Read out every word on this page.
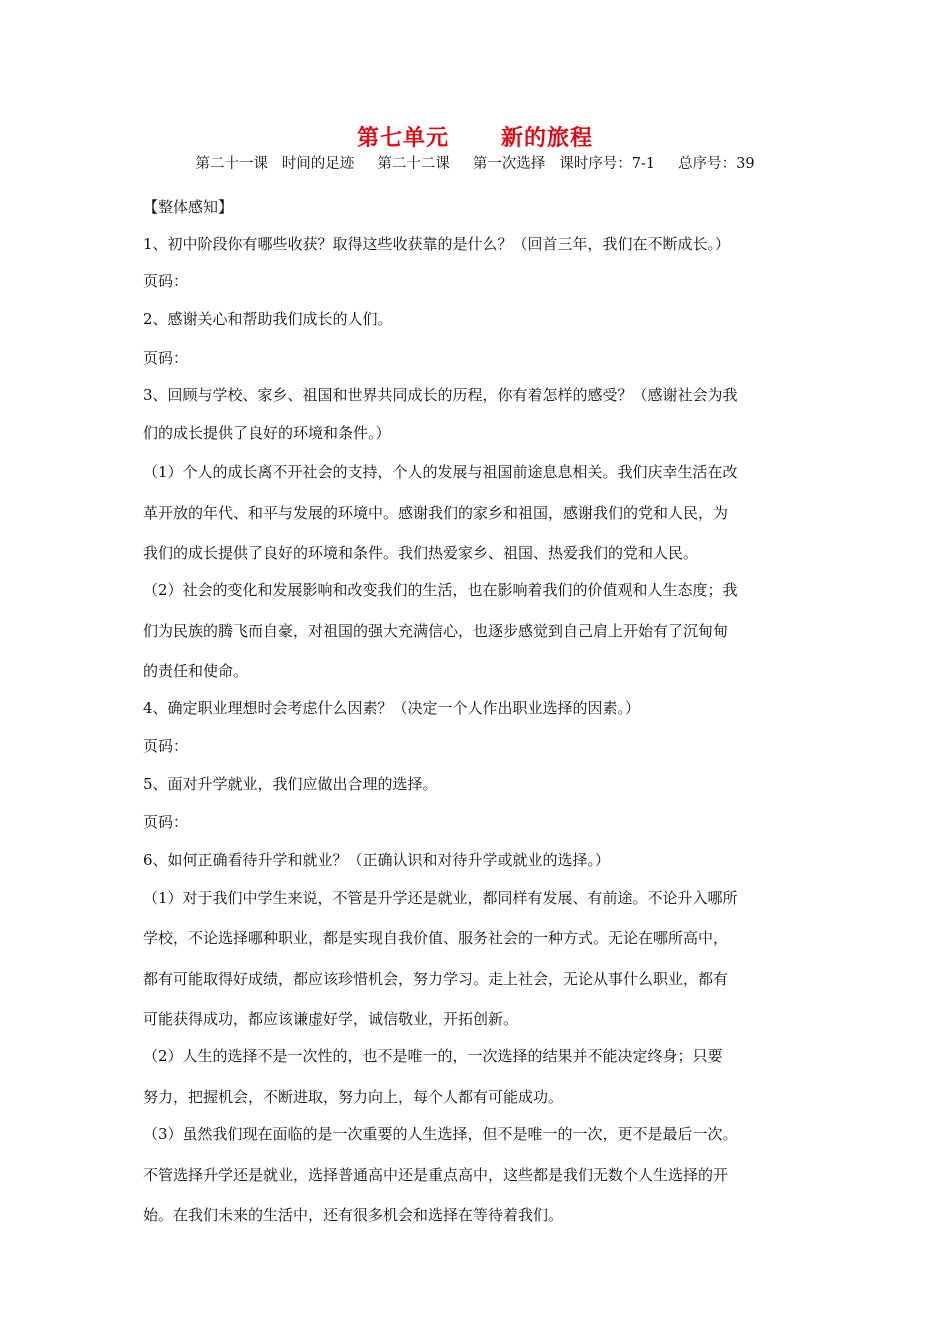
第七单元      新的旅程
第二十一课   时间的足迹     第二十二课     第一次选择   课时序号：7-1     总序号：39
【整体感知】
1、初中阶段你有哪些收获？取得这些收获靠的是什么？（回首三年，我们在不断成长。）
页码：
2、感谢关心和帮助我们成长的人们。
页码：
3、回顾与学校、家乡、祖国和世界共同成长的历程，你有着怎样的感受？（感谢社会为我
们的成长提供了良好的环境和条件。）
（1）个人的成长离不开社会的支持，个人的发展与祖国前途息息相关。我们庆幸生活在改
革开放的年代、和平与发展的环境中。感谢我们的家乡和祖国，感谢我们的党和人民，为
我们的成长提供了良好的环境和条件。我们热爱家乡、祖国、热爱我们的党和人民。
（2）社会的变化和发展影响和改变我们的生活，也在影响着我们的价值观和人生态度；我
们为民族的腾飞而自豪，对祖国的强大充满信心，也逐步感觉到自己肩上开始有了沉甸甸
的责任和使命。
4、确定职业理想时会考虑什么因素？（决定一个人作出职业选择的因素。）
页码：
5、面对升学就业，我们应做出合理的选择。
页码：
6、如何正确看待升学和就业？（正确认识和对待升学或就业的选择。）
（1）对于我们中学生来说，不管是升学还是就业，都同样有发展、有前途。不论升入哪所
学校，不论选择哪种职业，都是实现自我价值、服务社会的一种方式。无论在哪所高中，
都有可能取得好成绩，都应该珍惜机会，努力学习。走上社会，无论从事什么职业，都有
可能获得成功，都应该谦虚好学，诚信敬业，开拓创新。
（2）人生的选择不是一次性的，也不是唯一的，一次选择的结果并不能决定终身；只要
努力，把握机会，不断进取，努力向上，每个人都有可能成功。
（3）虽然我们现在面临的是一次重要的人生选择，但不是唯一的一次，更不是最后一次。
不管选择升学还是就业，选择普通高中还是重点高中，这些都是我们无数个人生选择的开
始。在我们未来的生活中，还有很多机会和选择在等待着我们。
